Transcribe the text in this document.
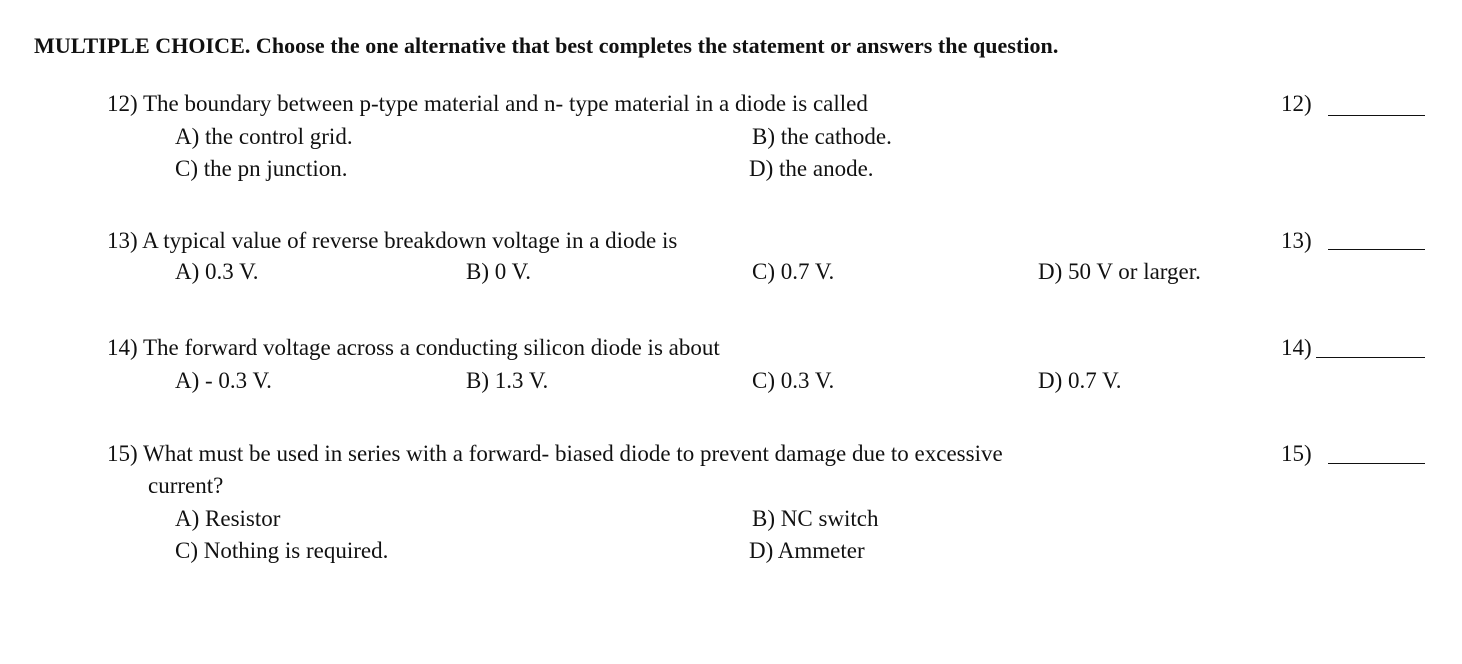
MULTIPLE CHOICE. Choose the one alternative that best completes the statement or answers the question.
12) The boundary between p-type material and n- type material in a diode is called
A) the control grid.	B) the cathode.
C) the pn junction.	D) the anode.
12)
13) A typical value of reverse breakdown voltage in a diode is
A) 0.3 V.	B) 0 V.	C) 0.7 V.	D) 50 V or larger.
13)
14) The forward voltage across a conducting silicon diode is about
A) - 0.3 V.	B) 1.3 V.	C) 0.3 V.	D) 0.7 V.
14)
15) What must be used in series with a forward- biased diode to prevent damage due to excessive
current?
A) Resistor	B) NC switch
C) Nothing is required.	D) Ammeter
15)
